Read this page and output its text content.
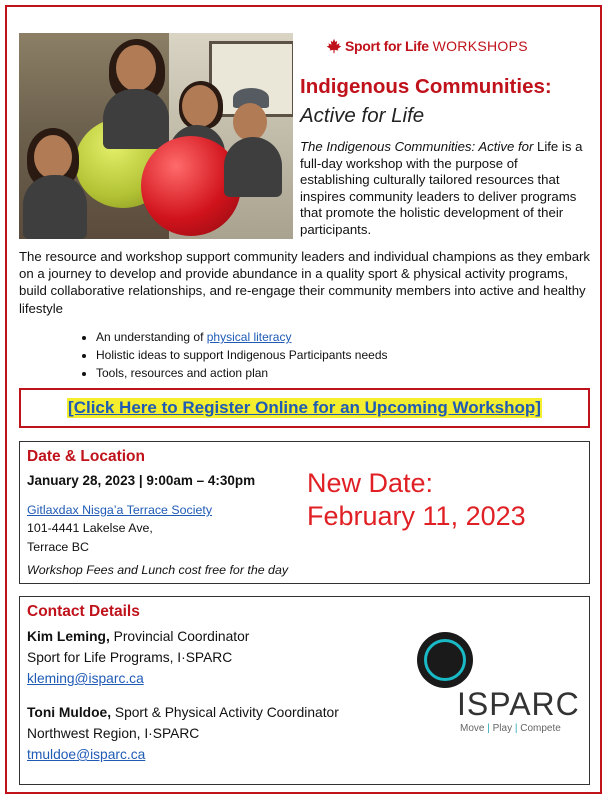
Sport for Life WORKSHOPS
Indigenous Communities:
Active for Life
The Indigenous Communities: Active for Life is a full-day workshop with the purpose of establishing culturally tailored resources that inspires community leaders to deliver programs that promote the holistic development of their participants.
The resource and workshop support community leaders and individual champions as they embark on a journey to develop and provide abundance in a quality sport & physical activity programs, build collaborative relationships, and re-engage their community members into active and healthy lifestyle
• An understanding of physical literacy
• Holistic ideas to support Indigenous Participants needs
• Tools, resources and action plan
[Click Here to Register Online for an Upcoming Workshop]
Date & Location
January 28, 2023 | 9:00am – 4:30pm
Gitlaxdax Nisga’a Terrace Society
101-4441 Lakelse Ave,
Terrace BC
Workshop Fees and Lunch cost free for the day
New Date:
February 11, 2023
Contact Details
Kim Leming, Provincial Coordinator
Sport for Life Programs, I·SPARC
kleming@isparc.ca
Toni Muldoe, Sport & Physical Activity Coordinator
Northwest Region, I·SPARC
tmuldoe@isparc.ca
ISPARC
Move | Play | Compete
